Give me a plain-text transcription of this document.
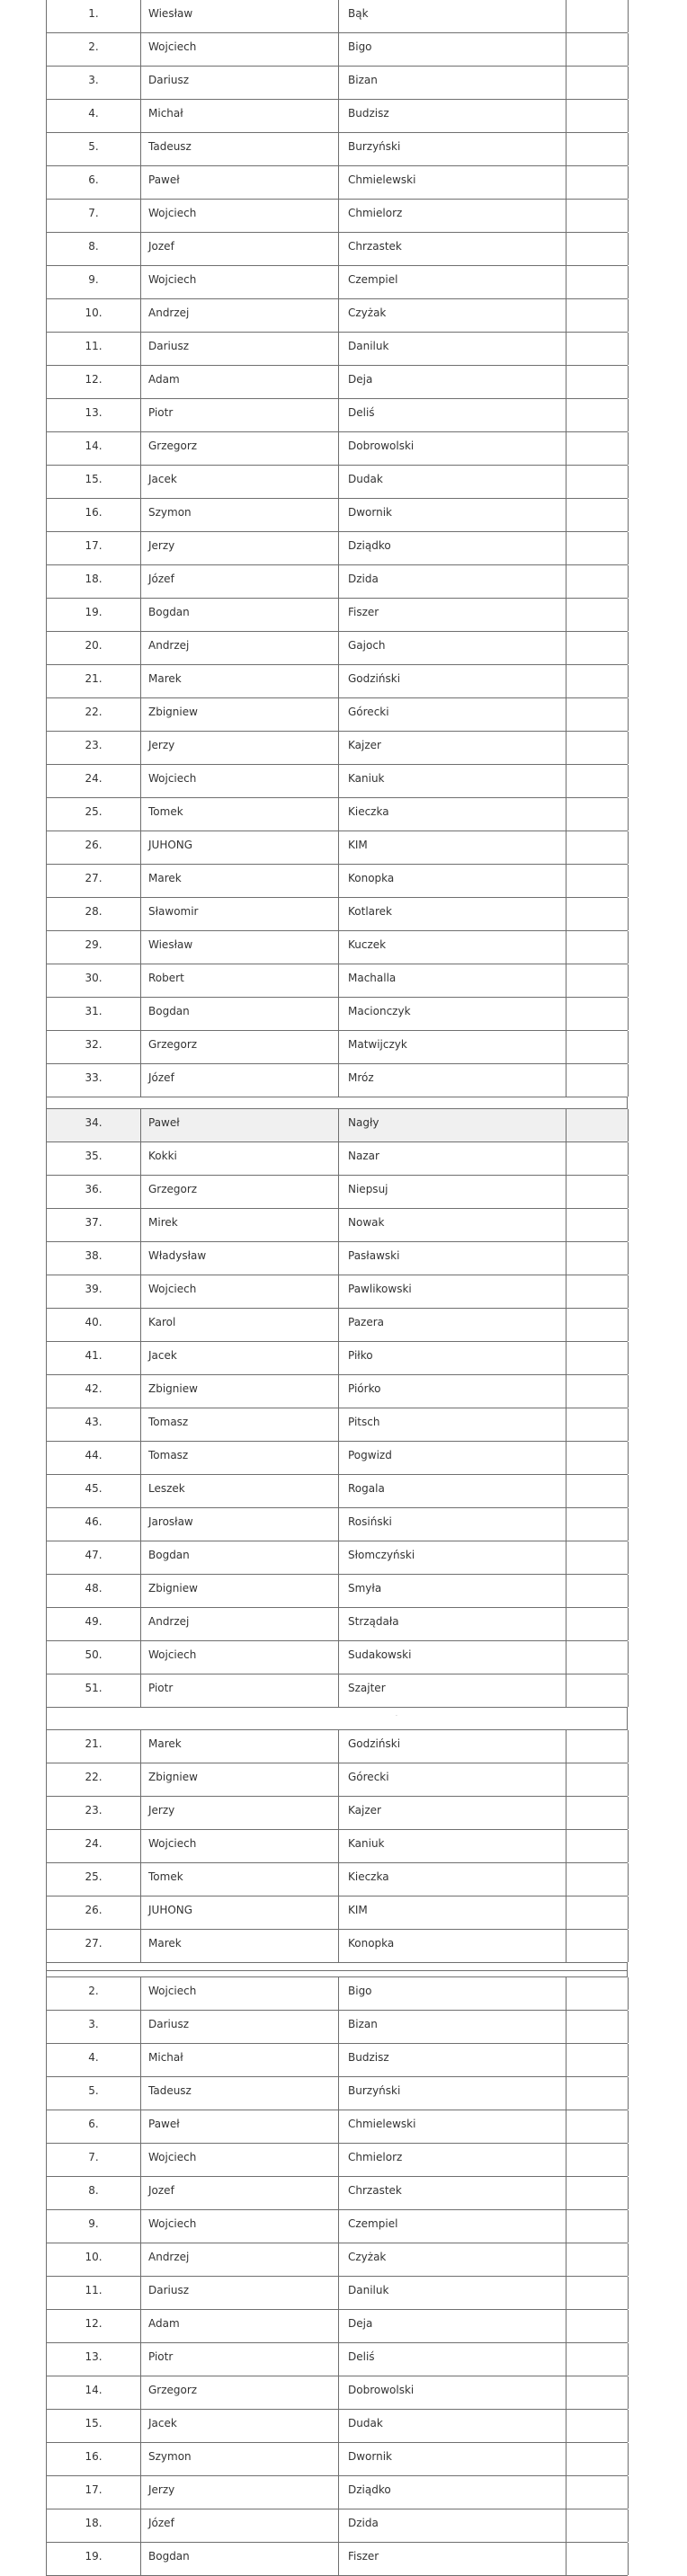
1.	Wiesław	Bąk
2.	Wojciech	Bigo
3.	Dariusz	Bizan
4.	Michał	Budzisz
5.	Tadeusz	Burzyński
6.	Paweł	Chmielewski
7.	Wojciech	Chmielorz
8.	Jozef	Chrzastek
9.	Wojciech	Czempiel
10.	Andrzej	Czyżak
11.	Dariusz	Daniluk
12.	Adam	Deja
13.	Piotr	Deliś
14.	Grzegorz	Dobrowolski
15.	Jacek	Dudak
16.	Szymon	Dwornik
17.	Jerzy	Dziądko
18.	Józef	Dzida
19.	Bogdan	Fiszer
20.	Andrzej	Gajoch
21.	Marek	Godziński
22.	Zbigniew	Górecki
23.	Jerzy	Kajzer
24.	Wojciech	Kaniuk
25.	Tomek	Kieczka
26.	JUHONG	KIM
27.	Marek	Konopka
28.	Sławomir	Kotlarek
29.	Wiesław	Kuczek
30.	Robert	Machalla
31.	Bogdan	Macionczyk
32.	Grzegorz	Matwijczyk
33.	Józef	Mróz
34.	Paweł	Nagły
35.	Kokki	Nazar
36.	Grzegorz	Niepsuj
37.	Mirek	Nowak
38.	Władysław	Pasławski
39.	Wojciech	Pawlikowski
40.	Karol	Pazera
41.	Jacek	Piłko
42.	Zbigniew	Piórko
43.	Tomasz	Pitsch
44.	Tomasz	Pogwizd
45.	Leszek	Rogala
46.	Jarosław	Rosiński
47.	Bogdan	Słomczyński
48.	Zbigniew	Smyła
49.	Andrzej	Strządała
50.	Wojciech	Sudakowski
51.	Piotr	Szajter
.
21.	Marek	Godziński
22.	Zbigniew	Górecki
23.	Jerzy	Kajzer
24.	Wojciech	Kaniuk
25.	Tomek	Kieczka
26.	JUHONG	KIM
27.	Marek	Konopka
2.	Wojciech	Bigo
3.	Dariusz	Bizan
4.	Michał	Budzisz
5.	Tadeusz	Burzyński
6.	Paweł	Chmielewski
7.	Wojciech	Chmielorz
8.	Jozef	Chrzastek
9.	Wojciech	Czempiel
10.	Andrzej	Czyżak
11.	Dariusz	Daniluk
12.	Adam	Deja
13.	Piotr	Deliś
14.	Grzegorz	Dobrowolski
15.	Jacek	Dudak
16.	Szymon	Dwornik
17.	Jerzy	Dziądko
18.	Józef	Dzida
19.	Bogdan	Fiszer
